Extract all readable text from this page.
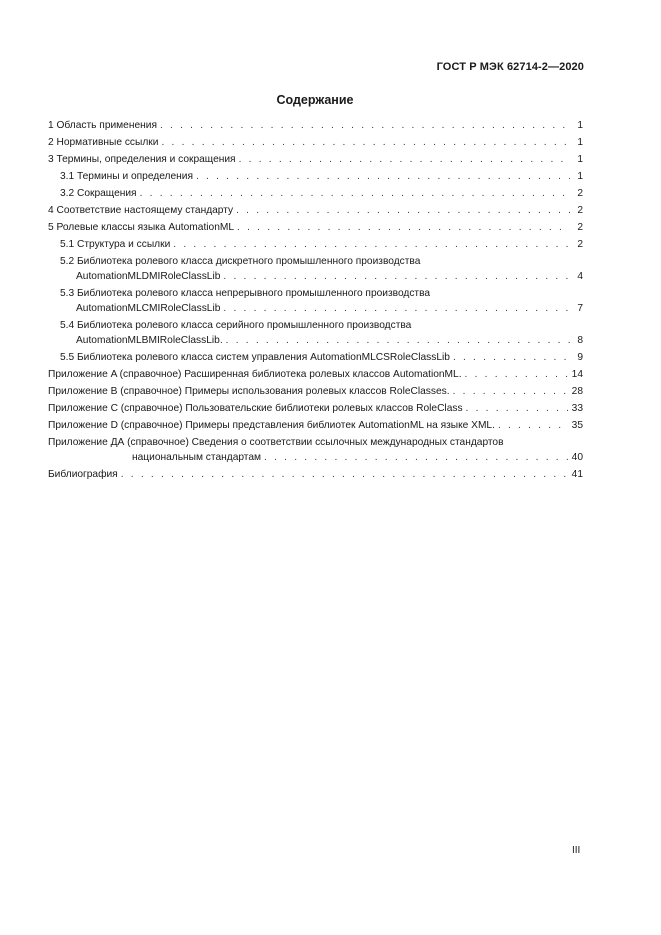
ГОСТ Р МЭК 62714-2—2020
Содержание
1 Область применения . . .	1
2 Нормативные ссылки . . .	1
3 Термины, определения и сокращения . . .	1
3.1 Термины и определения . . .	1
3.2 Сокращения . . .	2
4 Соответствие настоящему стандарту . . .	2
5 Ролевые классы языка AutomationML . . .	2
5.1 Структура и ссылки . . .	2
5.2 Библиотека ролевого класса дискретного промышленного производства
AutomationMLDMIRoleClassLib . . .	4
5.3 Библиотека ролевого класса непрерывного промышленного производства
AutomationMLCMIRoleClassLib . . .	7
5.4 Библиотека ролевого класса серийного промышленного производства
AutomationMLBMIRoleClassLib. . . .	8
5.5 Библиотека ролевого класса систем управления AutomationMLCSRoleClassLib . . .	9
Приложение A (справочное) Расширенная библиотека ролевых классов AutomationML. . . .	14
Приложение B (справочное) Примеры использования ролевых классов RoleClasses. . . .	28
Приложение C (справочное) Пользовательские библиотеки ролевых классов RoleClass . . .	33
Приложение D (справочное) Примеры представления библиотек AutomationML на языке XML. . . .	35
Приложение ДА (справочное) Сведения о соответствии ссылочных международных стандартов
национальным стандартам . . .	40
Библиография . . .	41
III
